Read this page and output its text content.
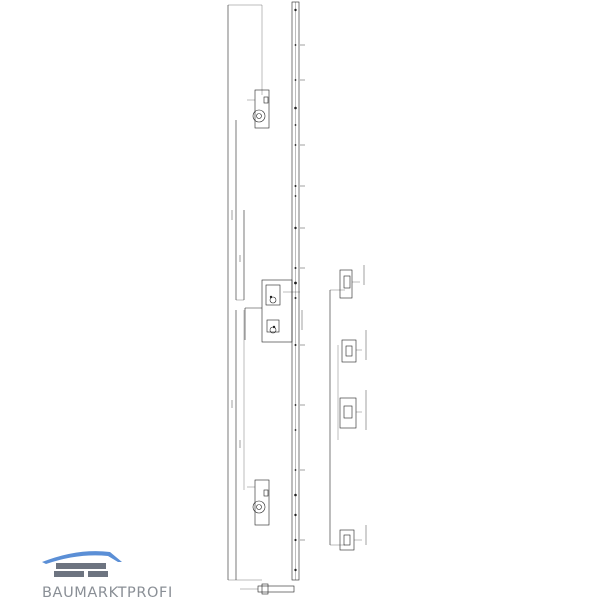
BAUMARKTPROFI
